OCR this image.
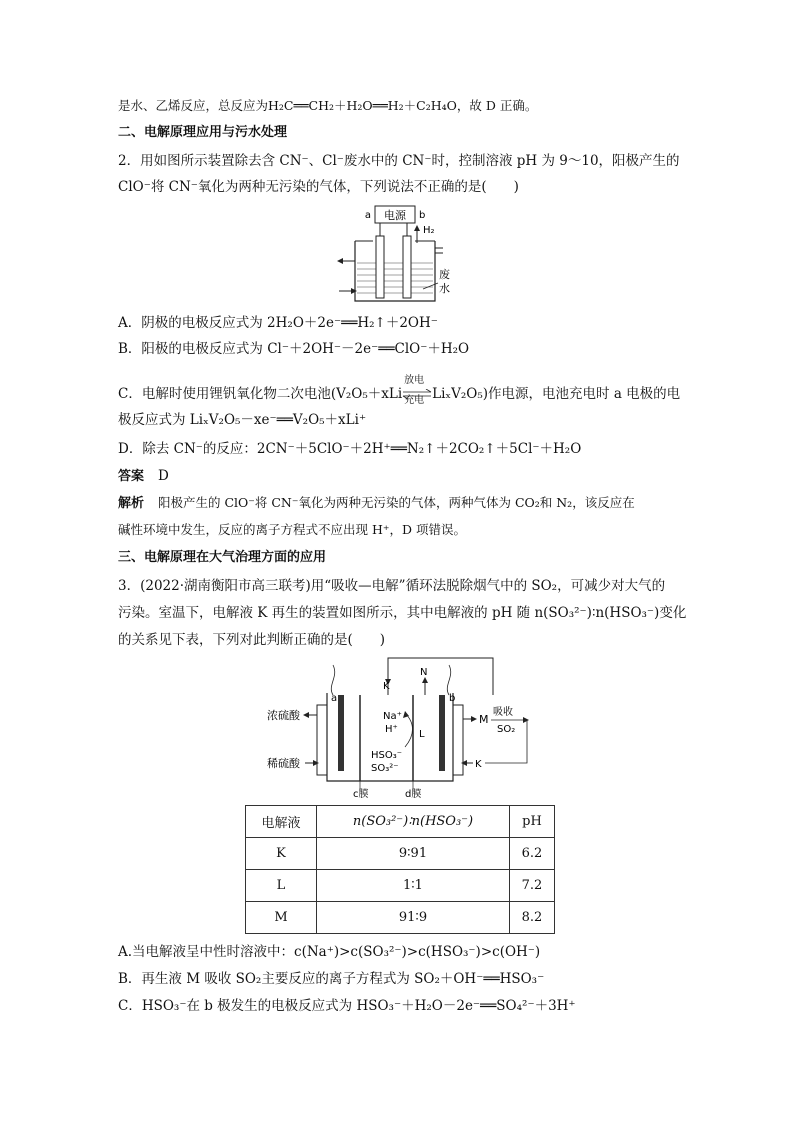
是水、乙烯反应，总反应为H₂C══CH₂＋H₂O══H₂＋C₂H₄O，故 D 正确。
二、电解原理应用与污水处理
2．用如图所示装置除去含 CN⁻、Cl⁻废水中的 CN⁻时，控制溶液 pH 为 9～10，阳极产生的
ClO⁻将 CN⁻氧化为两种无污染的气体，下列说法不正确的是(　　)
电源
a	b
H₂
废
水
A．阴极的电极反应式为 2H₂O＋2e⁻══H₂↑＋2OH⁻
B．阳极的电极反应式为 Cl⁻＋2OH⁻－2e⁻══ClO⁻＋H₂O
C．电解时使用锂钒氧化物二次电池(V₂O₅＋xLi
放电
充电 LiₓV₂O₅)作电源，电池充电时 a 电极的电
极反应式为 LiₓV₂O₅－xe⁻══V₂O₅＋xLi⁺
D．除去 CN⁻的反应：2CN⁻＋5ClO⁻＋2H⁺══N₂↑＋2CO₂↑＋5Cl⁻＋H₂O
答案 D
解析 阳极产生的 ClO⁻将 CN⁻氧化为两种无污染的气体，两种气体为 CO₂和 N₂，该反应在
碱性环境中发生，反应的离子方程式不应出现 H⁺，D 项错误。
三、电解原理在大气治理方面的应用
3．(2022·湖南衡阳市高三联考)用“吸收—电解”循环法脱除烟气中的 SO₂，可减少对大气的
污染。室温下，电解液 K 再生的装置如图所示，其中电解液的 pH 随 n(SO₃²⁻)∶n(HSO₃⁻)变化
的关系见下表，下列对此判断正确的是(　　)
a	b
c膜	d膜
K
N
Na⁺
H⁺
HSO₃⁻
SO₃²⁻
L
浓硫酸
稀硫酸
M
吸收
SO₂
K
电解液	n(SO₃²⁻)∶n(HSO₃⁻)	pH
K	9∶91	6.2
L	1∶1	7.2
M	91∶9	8.2
A.当电解液呈中性时溶液中：c(Na⁺)>c(SO₃²⁻)>c(HSO₃⁻)>c(OH⁻)
B．再生液 M 吸收 SO₂主要反应的离子方程式为 SO₂＋OH⁻══HSO₃⁻
C．HSO₃⁻在 b 极发生的电极反应式为 HSO₃⁻＋H₂O－2e⁻══SO₄²⁻＋3H⁺
